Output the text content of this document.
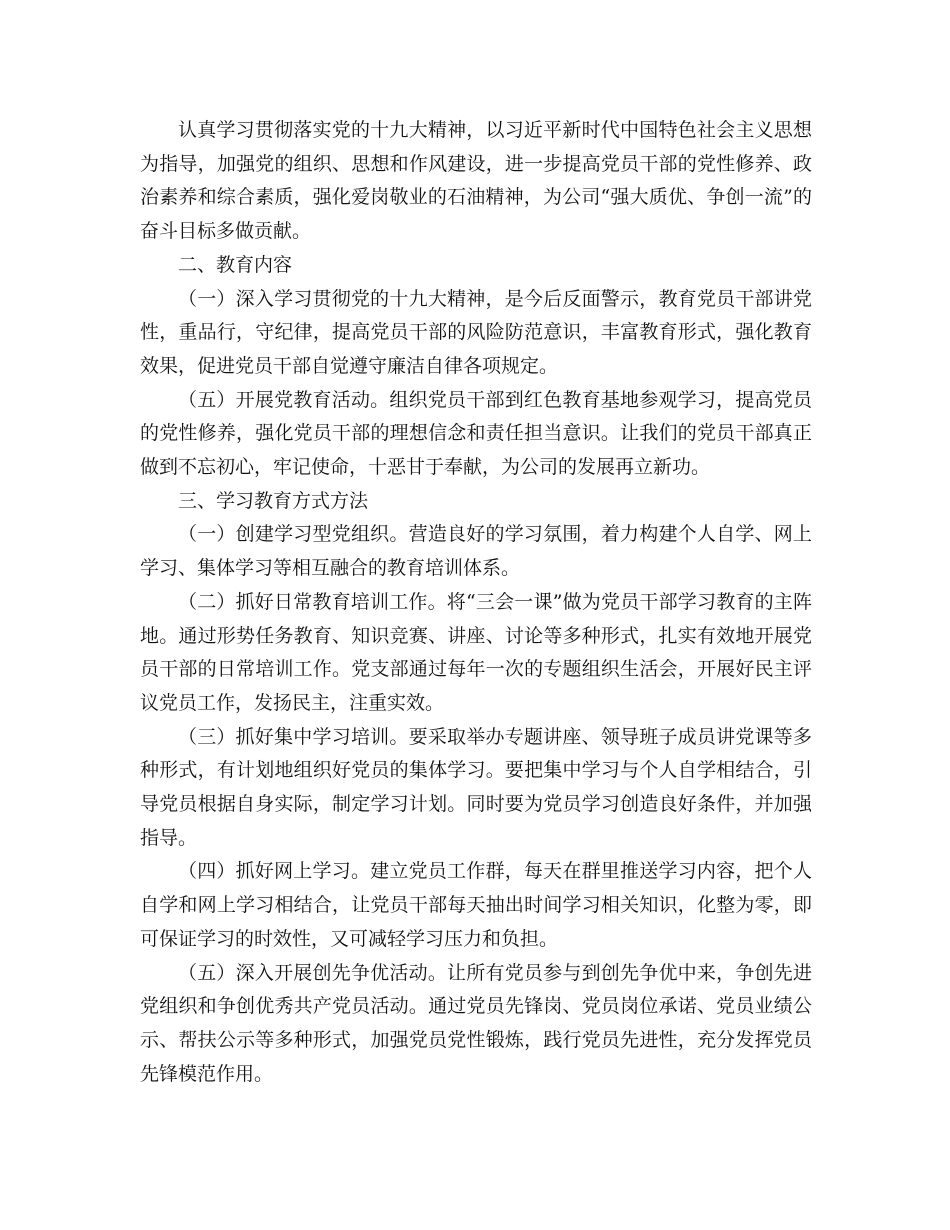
认真学习贯彻落实党的十九大精神，以习近平新时代中国特色社会主义思想为指导，加强党的组织、思想和作风建设，进一步提高党员干部的党性修养、政治素养和综合素质，强化爱岗敬业的石油精神，为公司“强大质优、争创一流”的奋斗目标多做贡献。

二、教育内容

（一）深入学习贯彻党的十九大精神，是今后反面警示，教育党员干部讲党性，重品行，守纪律，提高党员干部的风险防范意识，丰富教育形式，强化教育效果，促进党员干部自觉遵守廉洁自律各项规定。

（五）开展党教育活动。组织党员干部到红色教育基地参观学习，提高党员的党性修养，强化党员干部的理想信念和责任担当意识。让我们的党员干部真正做到不忘初心，牢记使命，十恶甘于奉献，为公司的发展再立新功。

三、学习教育方式方法

（一）创建学习型党组织。营造良好的学习氛围，着力构建个人自学、网上学习、集体学习等相互融合的教育培训体系。

（二）抓好日常教育培训工作。将“三会一课”做为党员干部学习教育的主阵地。通过形势任务教育、知识竞赛、讲座、讨论等多种形式，扎实有效地开展党员干部的日常培训工作。党支部通过每年一次的专题组织生活会，开展好民主评议党员工作，发扬民主，注重实效。

（三）抓好集中学习培训。要采取举办专题讲座、领导班子成员讲党课等多种形式，有计划地组织好党员的集体学习。要把集中学习与个人自学相结合，引导党员根据自身实际，制定学习计划。同时要为党员学习创造良好条件，并加强指导。

（四）抓好网上学习。建立党员工作群，每天在群里推送学习内容，把个人自学和网上学习相结合，让党员干部每天抽出时间学习相关知识，化整为零，即可保证学习的时效性，又可减轻学习压力和负担。

（五）深入开展创先争优活动。让所有党员参与到创先争优中来，争创先进党组织和争创优秀共产党员活动。通过党员先锋岗、党员岗位承诺、党员业绩公示、帮扶公示等多种形式，加强党员党性锻炼，践行党员先进性，充分发挥党员先锋模范作用。
